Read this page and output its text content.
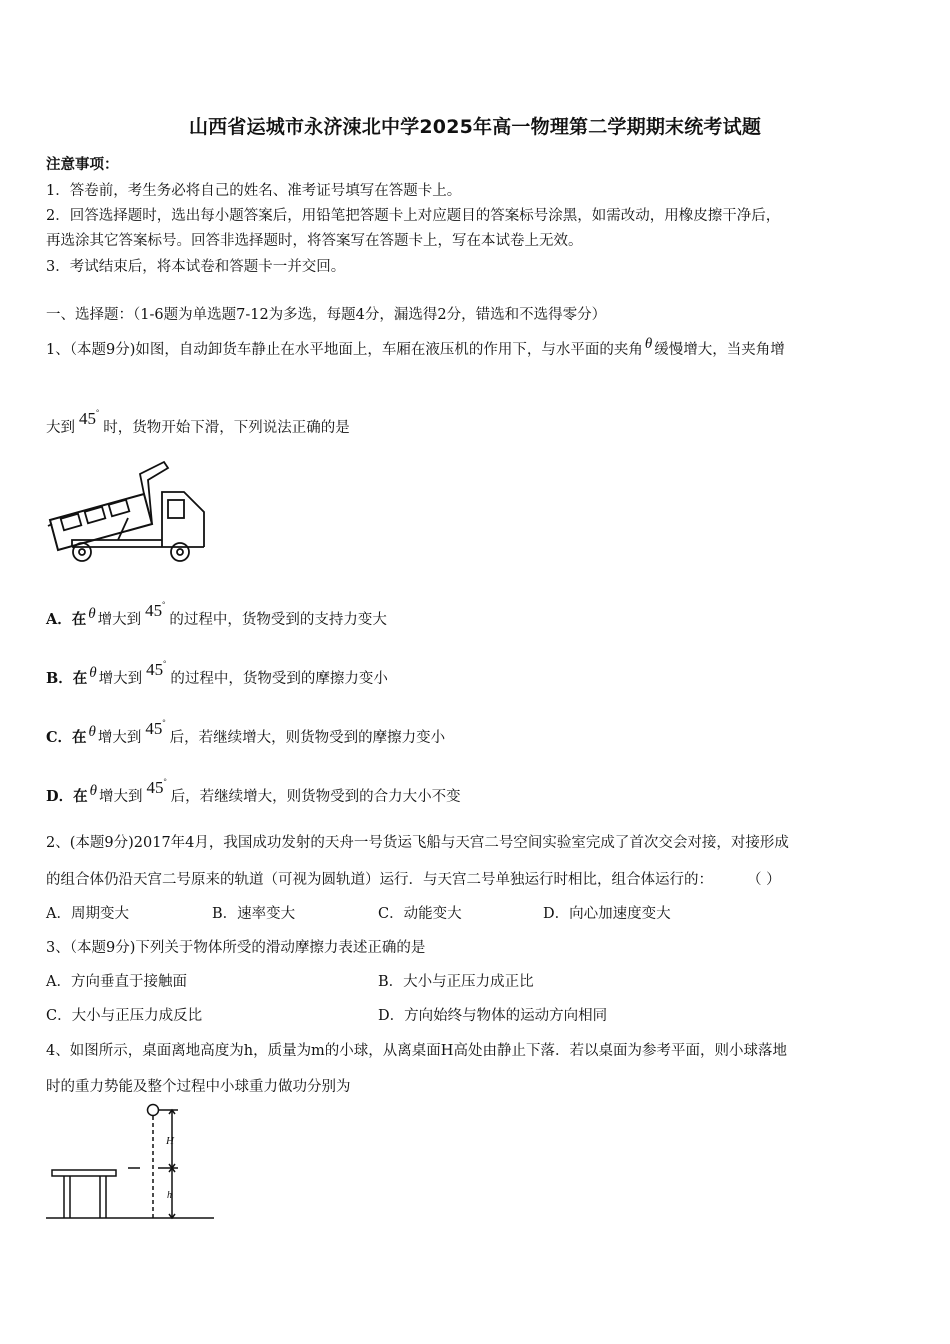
山西省运城市永济涑北中学2025年高一物理第二学期期末统考试题
注意事项：
1．答卷前，考生务必将自己的姓名、准考证号填写在答题卡上。
2．回答选择题时，选出每小题答案后，用铅笔把答题卡上对应题目的答案标号涂黑，如需改动，用橡皮擦干净后，
再选涂其它答案标号。回答非选择题时，将答案写在答题卡上，写在本试卷上无效。
3．考试结束后，将本试卷和答题卡一并交回。
一、选择题：（1-6题为单选题7-12为多选，每题4分，漏选得2分，错选和不选得零分）
1、（本题9分)如图，自动卸货车静止在水平地面上，车厢在液压机的作用下，与水平面的夹角 θ 缓慢增大，当夹角增
大到 45°时，货物开始下滑，下列说法正确的是
A．在 θ 增大到 45°的过程中，货物受到的支持力变大
B．在 θ 增大到 45°的过程中，货物受到的摩擦力变小
C．在 θ 增大到 45°后，若继续增大，则货物受到的摩擦力变小
D．在 θ 增大到 45°后，若继续增大，则货物受到的合力大小不变
2、(本题9分)2017年4月，我国成功发射的天舟一号货运飞船与天宫二号空间实验室完成了首次交会对接，对接形成
的组合体仍沿天宫二号原来的轨道（可视为圆轨道）运行．与天宫二号单独运行时相比，组合体运行的： （ ）
A．周期变大	B．速率变大	C．动能变大	D．向心加速度变大
3、（本题9分)下列关于物体所受的滑动摩擦力表述正确的是
A．方向垂直于接触面	B．大小与正压力成正比
C．大小与正压力成反比	D．方向始终与物体的运动方向相同
4、如图所示，桌面离地高度为h，质量为m的小球，从离桌面H高处由静止下落．若以桌面为参考平面，则小球落地
时的重力势能及整个过程中小球重力做功分别为
H
h
